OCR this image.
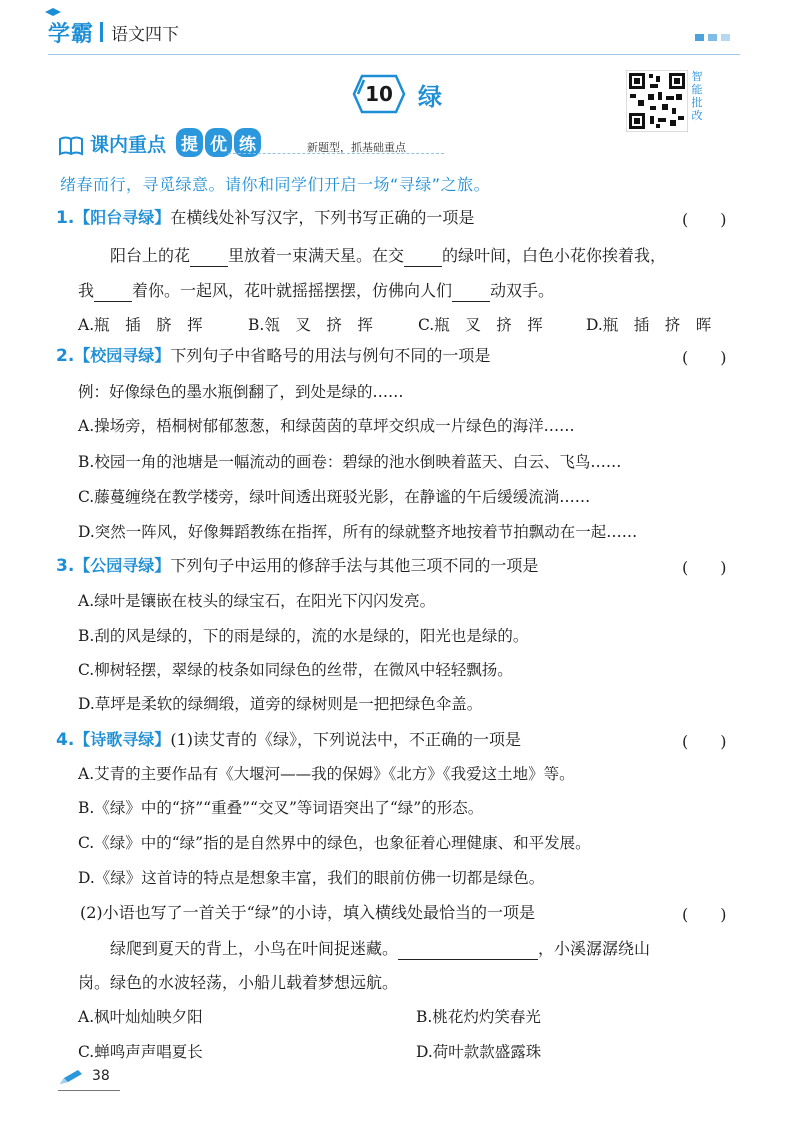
学霸 语文四下
10	绿
智能批改
课内重点 提 优 练	新题型，抓基础重点
绪春而行，寻觅绿意。请你和同学们开启一场“寻绿”之旅。
1.【阳台寻绿】在横线处补写汉字，下列书写正确的一项是	(　　)
阳台上的花 里放着一束满天星。在交 的绿叶间，白色小花你挨着我，
我 着你。一起风，花叶就摇摇摆摆，仿佛向人们 动双手。
A.瓶　插　脐　挥	B.瓴　叉　挤　挥	C.瓶　叉　挤　挥	D.瓶　插　挤　晖
2.【校园寻绿】下列句子中省略号的用法与例句不同的一项是	(　　)
例：好像绿色的墨水瓶倒翻了，到处是绿的……
A.操场旁，梧桐树郁郁葱葱，和绿茵茵的草坪交织成一片绿色的海洋……
B.校园一角的池塘是一幅流动的画卷：碧绿的池水倒映着蓝天、白云、飞鸟……
C.藤蔓缠绕在教学楼旁，绿叶间透出斑驳光影，在静谧的午后缓缓流淌……
D.突然一阵风，好像舞蹈教练在指挥，所有的绿就整齐地按着节拍飘动在一起……
3.【公园寻绿】下列句子中运用的修辞手法与其他三项不同的一项是	(　　)
A.绿叶是镶嵌在枝头的绿宝石，在阳光下闪闪发亮。
B.刮的风是绿的，下的雨是绿的，流的水是绿的，阳光也是绿的。
C.柳树轻摆，翠绿的枝条如同绿色的丝带，在微风中轻轻飘扬。
D.草坪是柔软的绿绸缎，道旁的绿树则是一把把绿色伞盖。
4.【诗歌寻绿】(1)读艾青的《绿》，下列说法中，不正确的一项是	(　　)
A.艾青的主要作品有《大堰河——我的保姆》《北方》《我爱这土地》等。
B.《绿》中的“挤”“重叠”“交叉”等词语突出了“绿”的形态。
C.《绿》中的“绿”指的是自然界中的绿色，也象征着心理健康、和平发展。
D.《绿》这首诗的特点是想象丰富，我们的眼前仿佛一切都是绿色。
(2)小语也写了一首关于“绿”的小诗，填入横线处最恰当的一项是	(　　)
绿爬到夏天的背上，小鸟在叶间捉迷藏。	，小溪潺潺绕山
岗。绿色的水波轻荡，小船儿载着梦想远航。
A.枫叶灿灿映夕阳	B.桃花灼灼笑春光
C.蝉鸣声声唱夏长	D.荷叶款款盛露珠
38
